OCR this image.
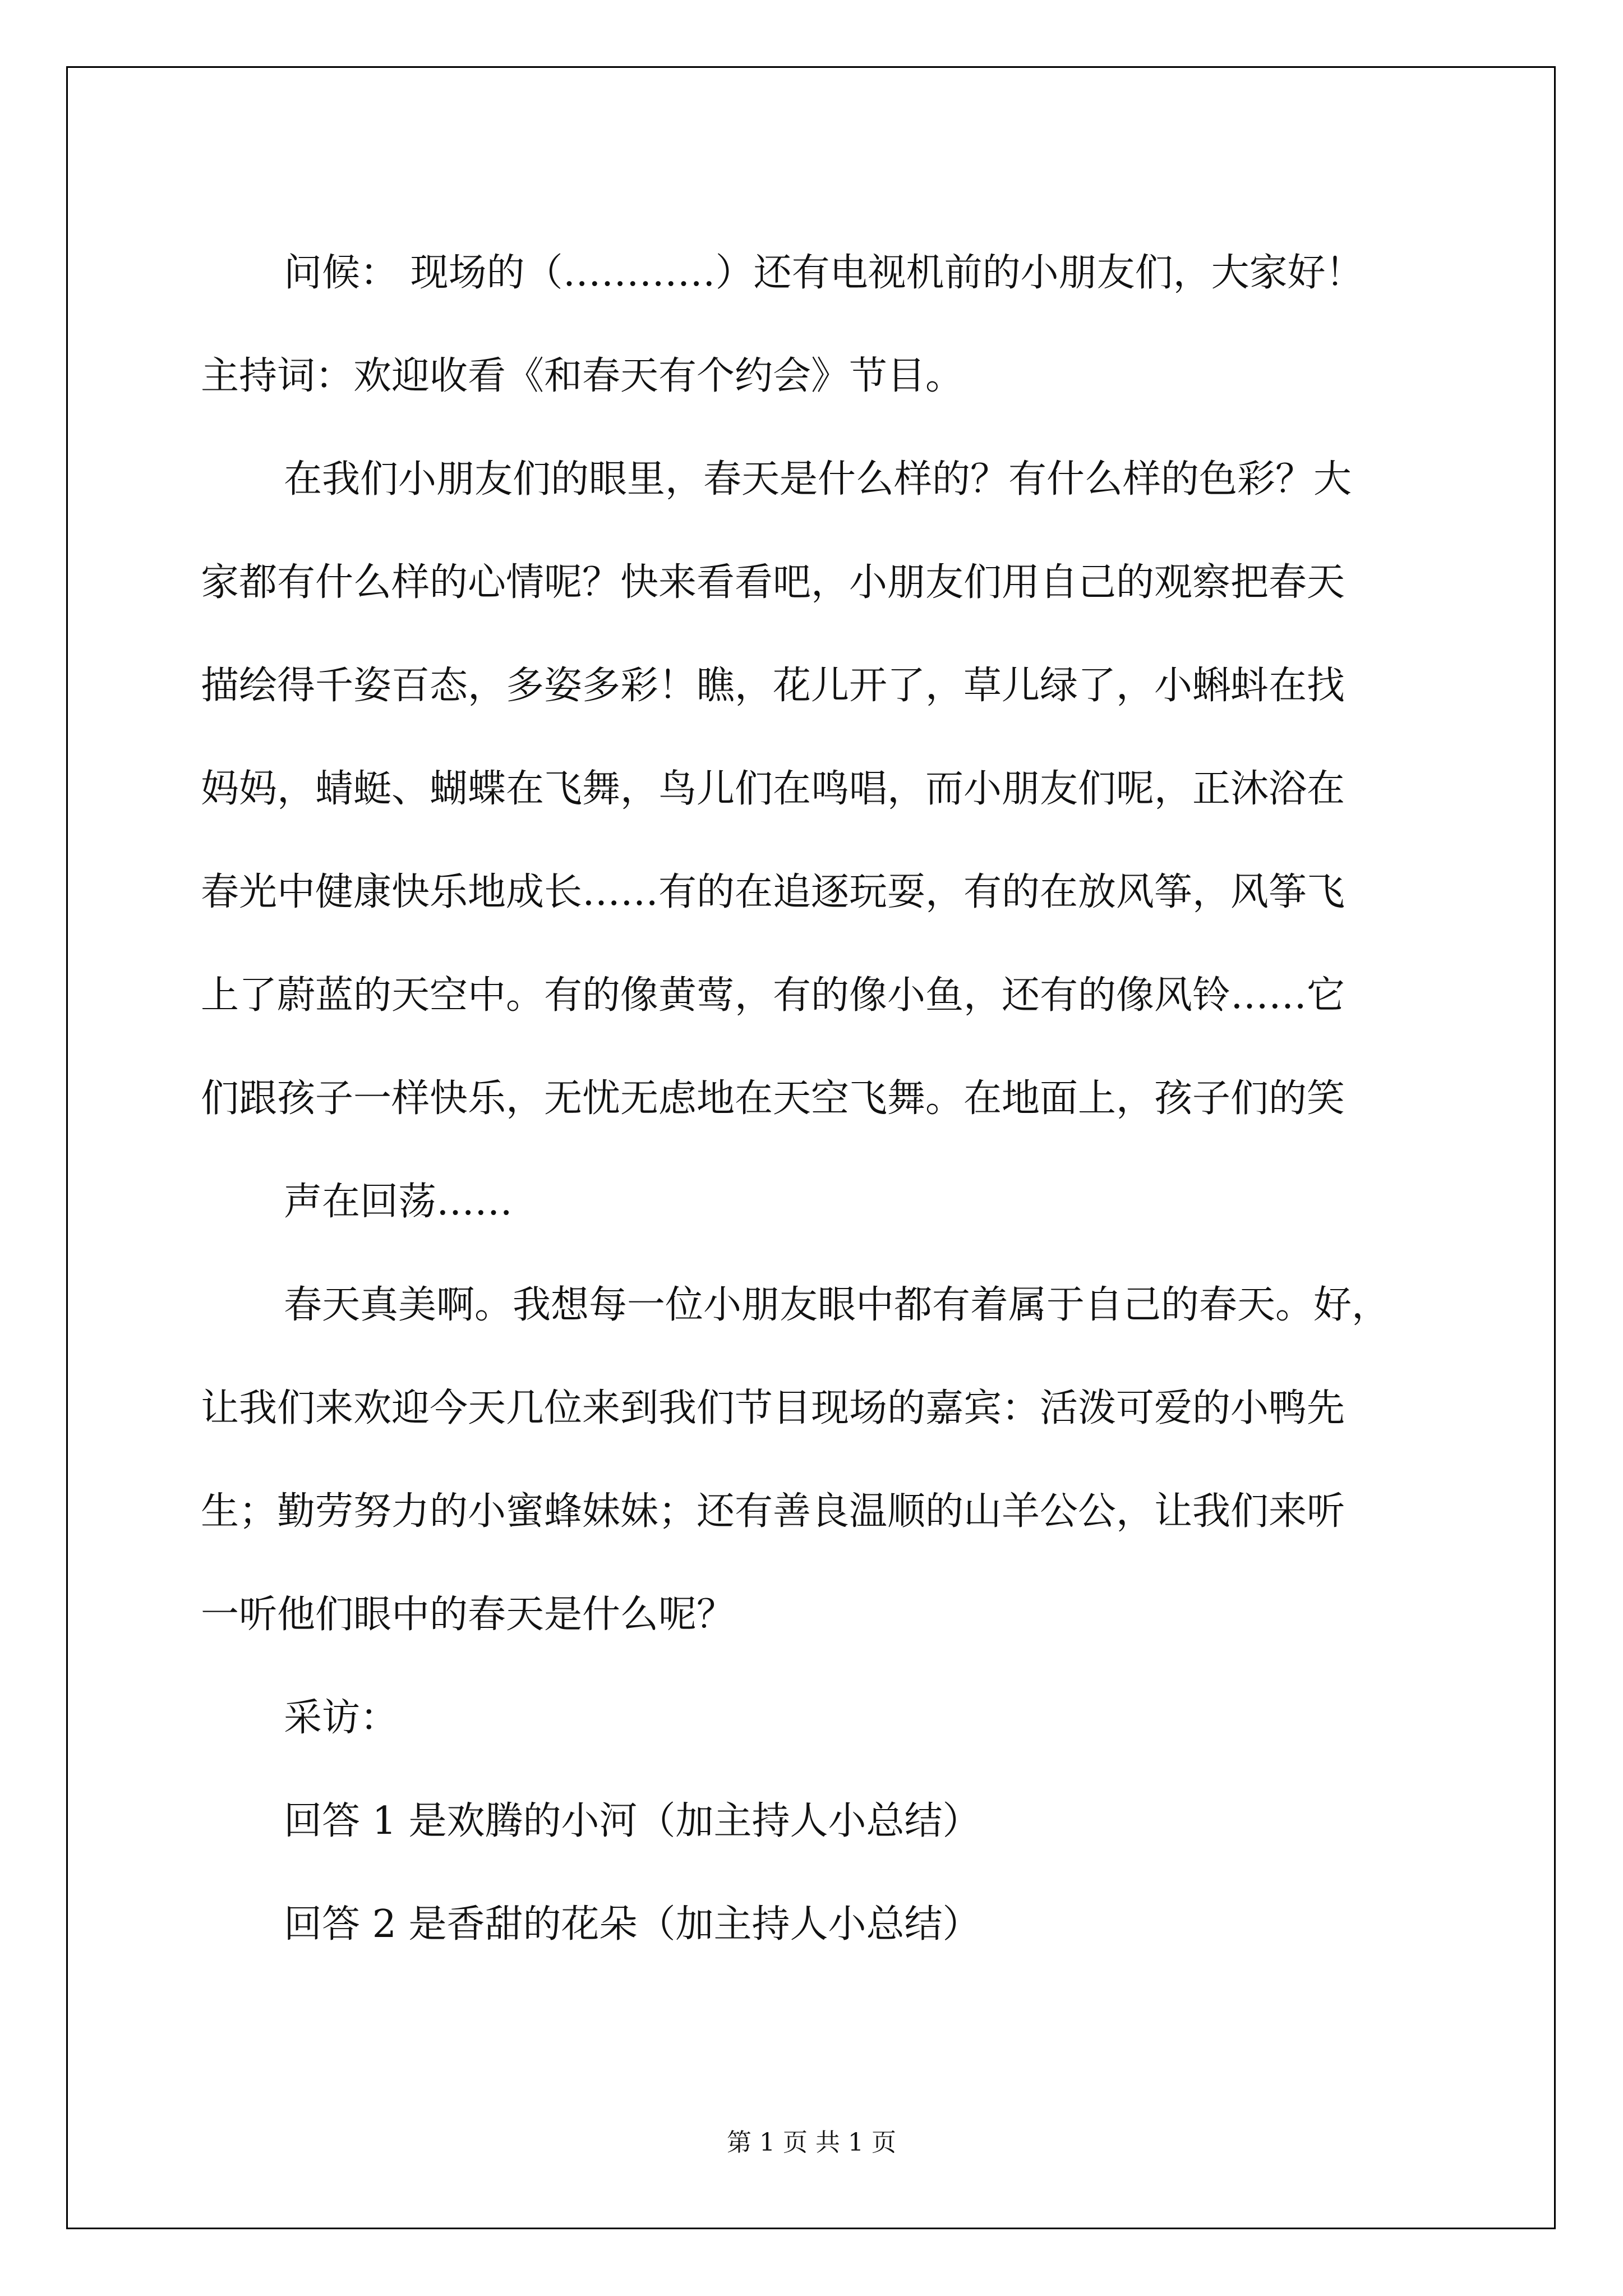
问候： 现场的（…………）还有电视机前的小朋友们，大家好！
主持词：欢迎收看《和春天有个约会》节目。
在我们小朋友们的眼里，春天是什么样的？有什么样的色彩？大
家都有什么样的心情呢？快来看看吧，小朋友们用自己的观察把春天
描绘得千姿百态，多姿多彩！瞧，花儿开了，草儿绿了，小蝌蚪在找
妈妈，蜻蜓、蝴蝶在飞舞，鸟儿们在鸣唱，而小朋友们呢，正沐浴在
春光中健康快乐地成长……有的在追逐玩耍，有的在放风筝，风筝飞
上了蔚蓝的天空中。有的像黄莺，有的像小鱼，还有的像风铃……它
们跟孩子一样快乐，无忧无虑地在天空飞舞。在地面上，孩子们的笑
声在回荡……
春天真美啊。我想每一位小朋友眼中都有着属于自己的春天。好，
让我们来欢迎今天几位来到我们节目现场的嘉宾：活泼可爱的小鸭先
生；勤劳努力的小蜜蜂妹妹；还有善良温顺的山羊公公，让我们来听
一听他们眼中的春天是什么呢？
采访：
回答 1 是欢腾的小河（加主持人小总结）
回答 2 是香甜的花朵（加主持人小总结）
第 1 页 共 1 页
